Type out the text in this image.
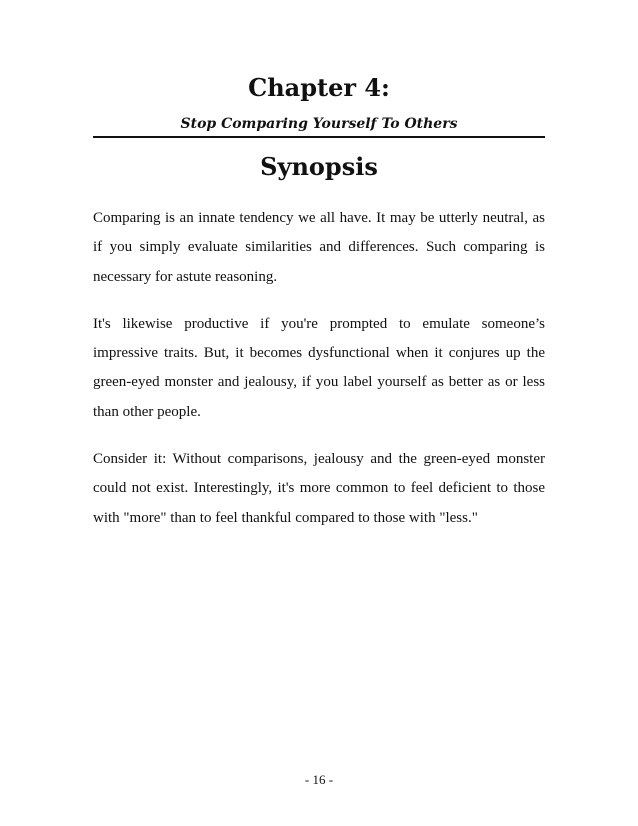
Chapter 4:
Stop Comparing Yourself To Others
Synopsis

Comparing is an innate tendency we all have. It may be utterly neutral, as if you simply evaluate similarities and differences. Such comparing is necessary for astute reasoning.

It's likewise productive if you're prompted to emulate someone’s impressive traits. But, it becomes dysfunctional when it conjures up the green-eyed monster and jealousy, if you label yourself as better as or less than other people.

Consider it: Without comparisons, jealousy and the green-eyed monster could not exist. Interestingly, it's more common to feel deficient to those with "more" than to feel thankful compared to those with "less."

- 16 -
